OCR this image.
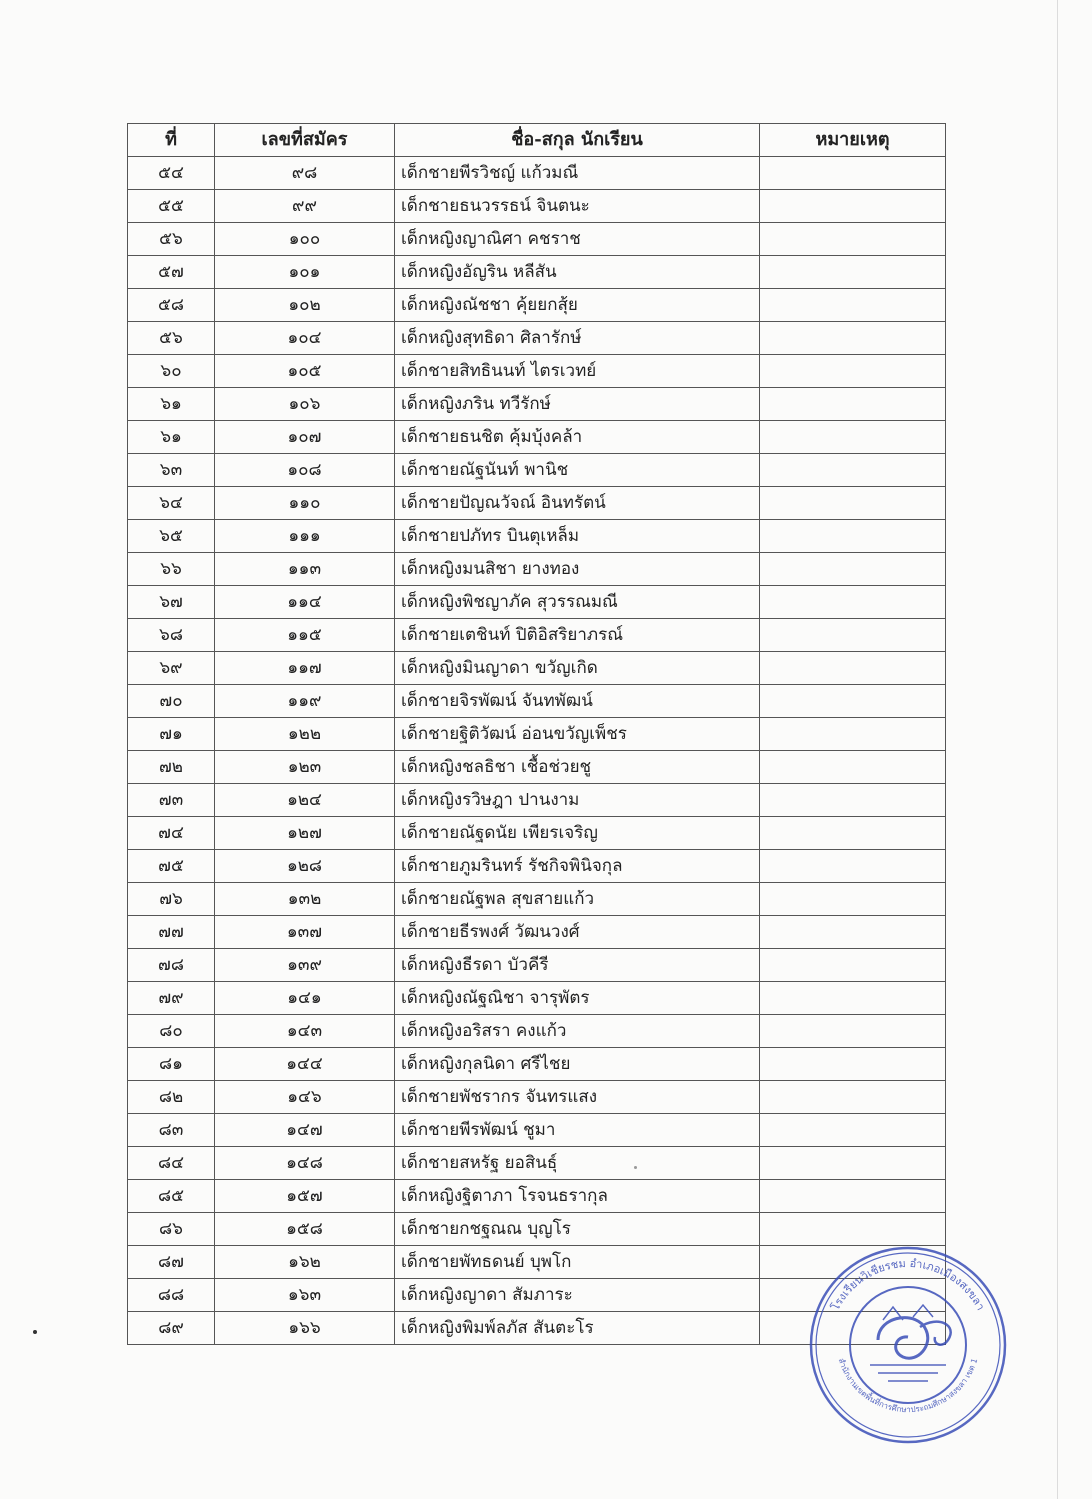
ที่	เลขที่สมัคร	ชื่อ-สกุล นักเรียน	หมายเหตุ
๕๔	๙๘	เด็กชายพีรวิชญ์ แก้วมณี	
๕๕	๙๙	เด็กชายธนวรรธน์ จินตนะ	
๕๖	๑๐๐	เด็กหญิงญาณิศา คชราช	
๕๗	๑๐๑	เด็กหญิงอัญริน หลีสัน	
๕๘	๑๐๒	เด็กหญิงณัชชา คุ้ยยกสุ้ย	
๕๖	๑๐๔	เด็กหญิงสุทธิดา ศิลารักษ์	
๖๐	๑๐๕	เด็กชายสิทธินนท์ ไตรเวทย์	
๖๑	๑๐๖	เด็กหญิงภริน ทวีรักษ์	
๖๑	๑๐๗	เด็กชายธนชิต คุ้มบุ้งคล้า	
๖๓	๑๐๘	เด็กชายณัฐนันท์ พานิช	
๖๔	๑๑๐	เด็กชายปัญณวัจณ์ อินทรัตน์	
๖๕	๑๑๑	เด็กชายปภัทร บินตุเหล็ม	
๖๖	๑๑๓	เด็กหญิงมนสิชา ยางทอง	
๖๗	๑๑๔	เด็กหญิงพิชญาภัค สุวรรณมณี	
๖๘	๑๑๕	เด็กชายเตชินท์ ปิติอิสริยาภรณ์	
๖๙	๑๑๗	เด็กหญิงมินญาดา ขวัญเกิด	
๗๐	๑๑๙	เด็กชายจิรพัฒน์ จันทพัฒน์	
๗๑	๑๒๒	เด็กชายฐิติวัฒน์ อ่อนขวัญเพ็ชร	
๗๒	๑๒๓	เด็กหญิงชลธิชา เชื้อช่วยชู	
๗๓	๑๒๔	เด็กหญิงรวิษฎา ปานงาม	
๗๔	๑๒๗	เด็กชายณัฐดนัย เพียรเจริญ	
๗๕	๑๒๘	เด็กชายภูมรินทร์ รัชกิจพินิจกุล	
๗๖	๑๓๒	เด็กชายณัฐพล สุขสายแก้ว	
๗๗	๑๓๗	เด็กชายธีรพงศ์ วัฒนวงศ์	
๗๘	๑๓๙	เด็กหญิงธีรดา บัวคีรี	
๗๙	๑๔๑	เด็กหญิงณัฐณิชา จารุพัตร	
๘๐	๑๔๓	เด็กหญิงอริสรา คงแก้ว	
๘๑	๑๔๔	เด็กหญิงกุลนิดา ศรีไชย	
๘๒	๑๔๖	เด็กชายพัชรากร จันทรแสง	
๘๓	๑๔๗	เด็กชายพีรพัฒน์ ชูมา	
๘๔	๑๔๘	เด็กชายสหรัฐ ยอสินธุ์	
๘๕	๑๕๗	เด็กหญิงฐิตาภา โรจนธรากุล	
๘๖	๑๕๘	เด็กชายกชฐณณ บุญโร	
๘๗	๑๖๒	เด็กชายพัทธดนย์ บุพโก	
๘๘	๑๖๓	เด็กหญิงญาดา สัมภาระ	
๘๙	๑๖๖	เด็กหญิงพิมพ์ลภัส สันตะโร	
โรงเรียนวิเชียรชม อำเภอเมืองสงขลา
สำนักงานเขตพื้นที่การศึกษาประถมศึกษาสงขลา เขต 1
